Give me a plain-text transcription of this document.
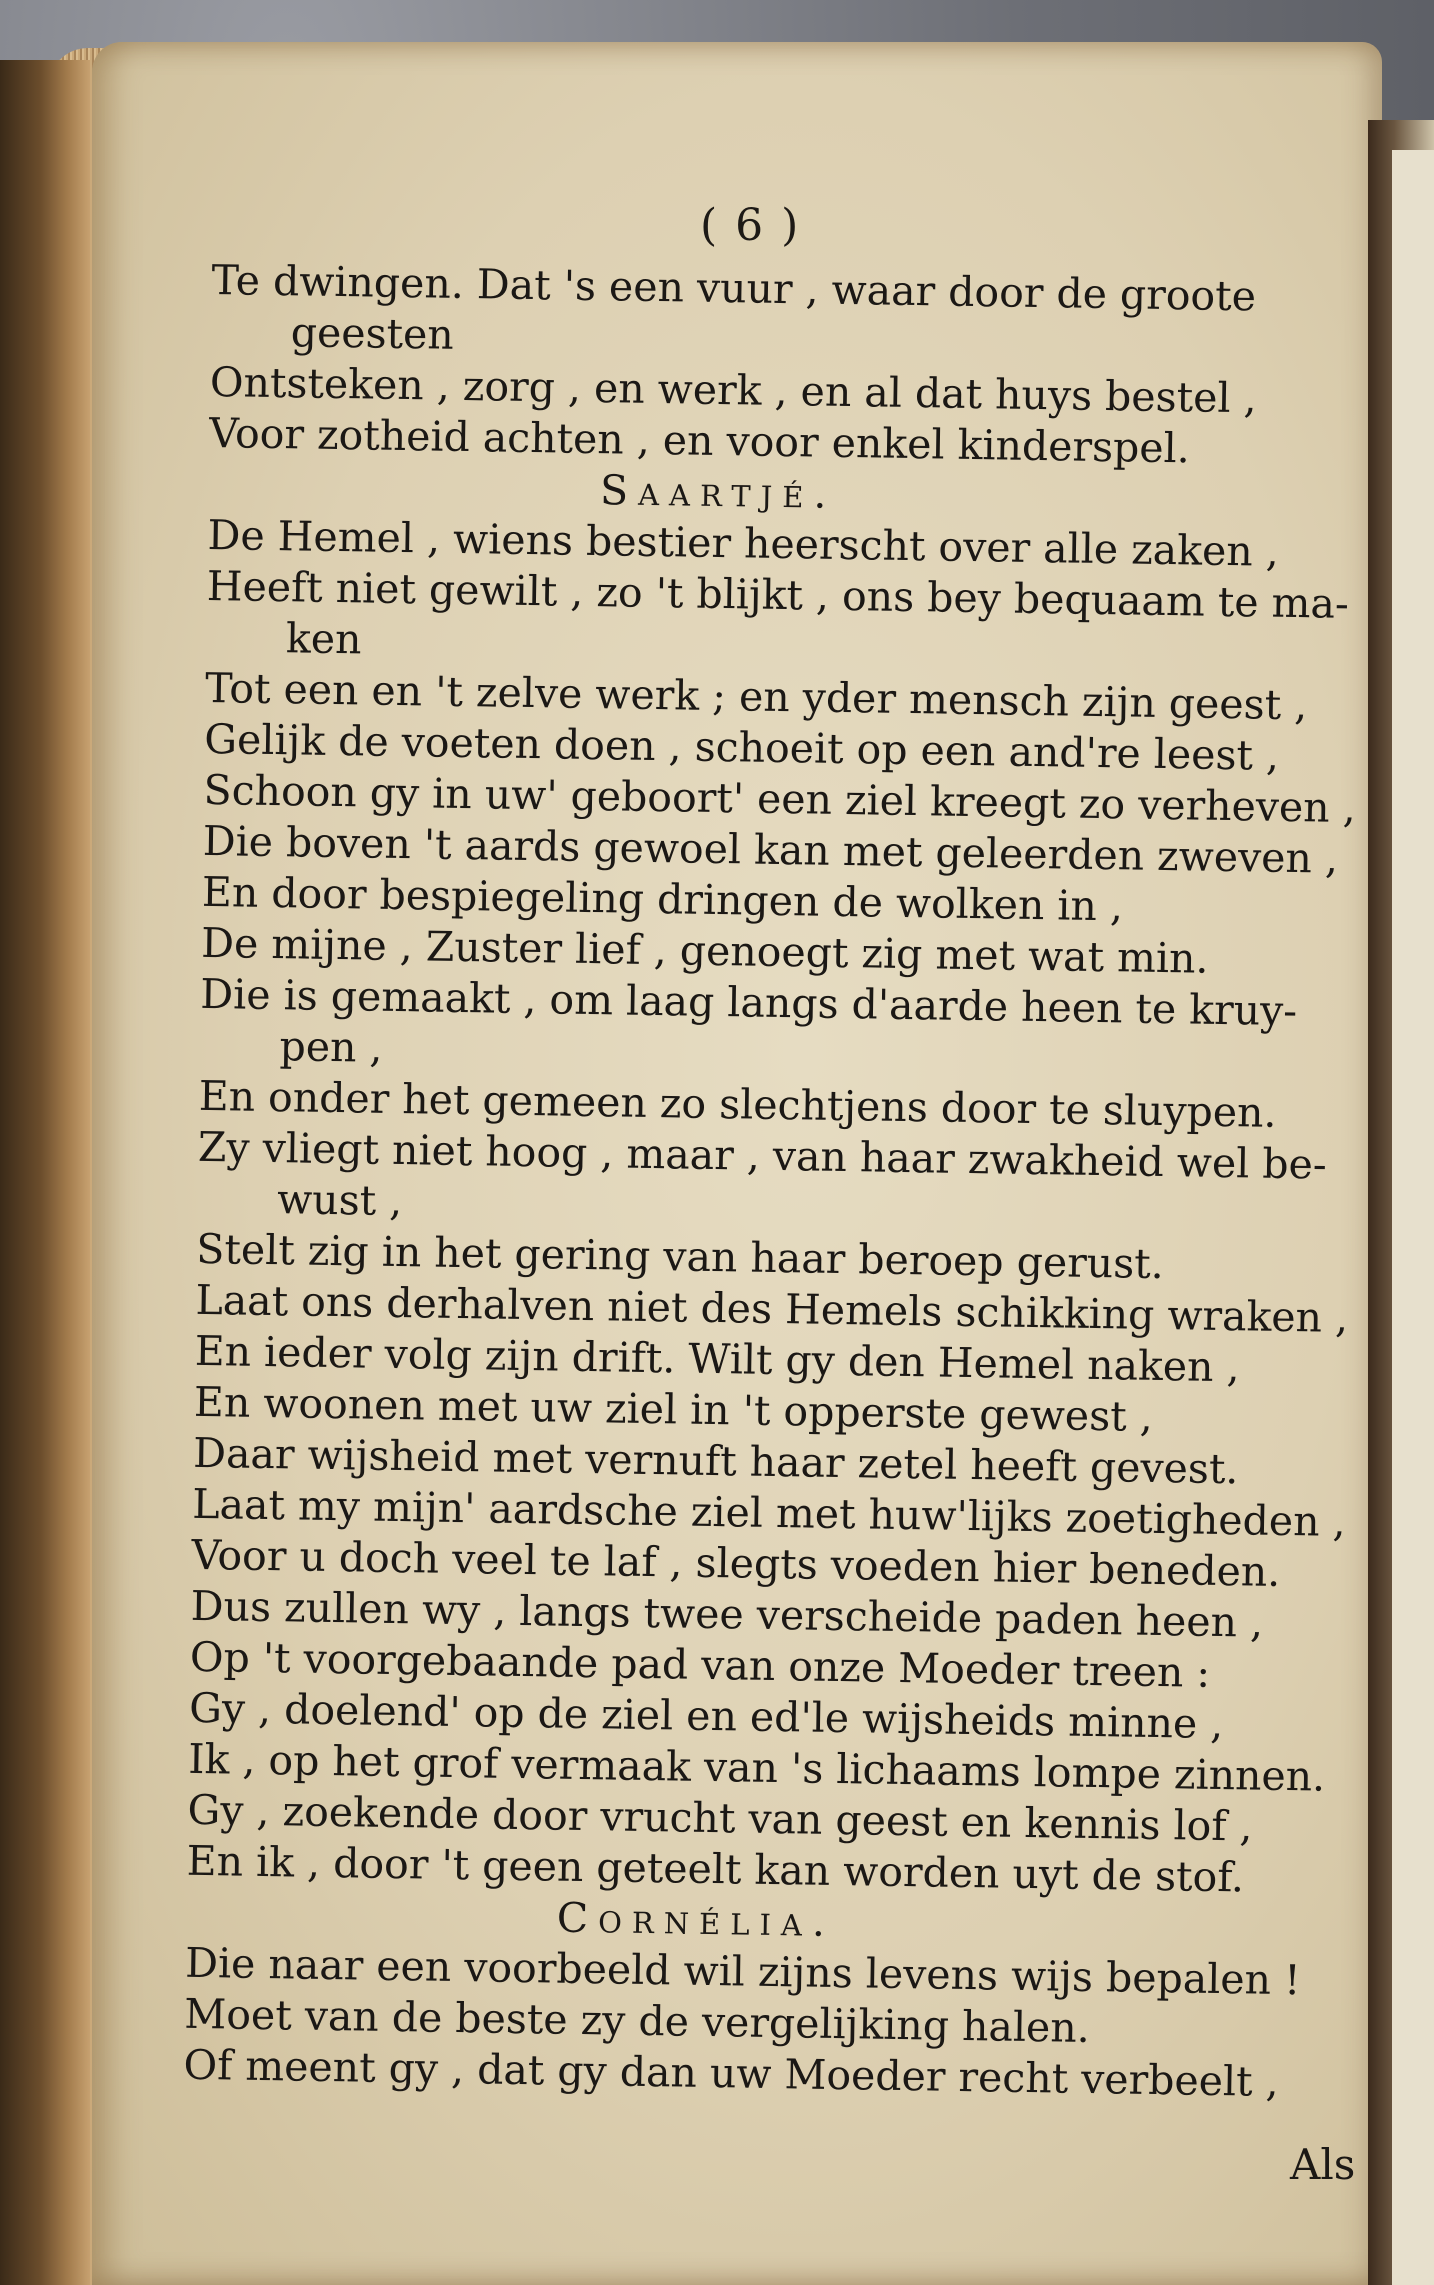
( 6 )
Te dwingen. Dat 's een vuur , waar door de groote
geesten
Ontsteken , zorg , en werk , en al dat huys bestel ,
Voor zotheid achten , en voor enkel kinderspel.
Saartjé.
De Hemel , wiens bestier heerscht over alle zaken ,
Heeft niet gewilt , zo 't blijkt , ons bey bequaam te ma-
ken
Tot een en 't zelve werk ; en yder mensch zijn geest ,
Gelijk de voeten doen , schoeit op een and're leest ,
Schoon gy in uw' geboort' een ziel kreegt zo verheven ,
Die boven 't aards gewoel kan met geleerden zweven ,
En door bespiegeling dringen de wolken in ,
De mijne , Zuster lief , genoegt zig met wat min.
Die is gemaakt , om laag langs d'aarde heen te kruy-
pen ,
En onder het gemeen zo slechtjens door te sluypen.
Zy vliegt niet hoog , maar , van haar zwakheid wel be-
wust ,
Stelt zig in het gering van haar beroep gerust.
Laat ons derhalven niet des Hemels schikking wraken ,
En ieder volg zijn drift. Wilt gy den Hemel naken ,
En woonen met uw ziel in 't opperste gewest ,
Daar wijsheid met vernuft haar zetel heeft gevest.
Laat my mijn' aardsche ziel met huw'lijks zoetigheden ,
Voor u doch veel te laf , slegts voeden hier beneden.
Dus zullen wy , langs twee verscheide paden heen ,
Op 't voorgebaande pad van onze Moeder treen :
Gy , doelend' op de ziel en ed'le wijsheids minne ,
Ik , op het grof vermaak van 's lichaams lompe zinnen.
Gy , zoekende door vrucht van geest en kennis lof ,
En ik , door 't geen geteelt kan worden uyt de stof.
Cornélia.
Die naar een voorbeeld wil zijns levens wijs bepalen !
Moet van de beste zy de vergelijking halen.
Of meent gy , dat gy dan uw Moeder recht verbeelt ,
Als
